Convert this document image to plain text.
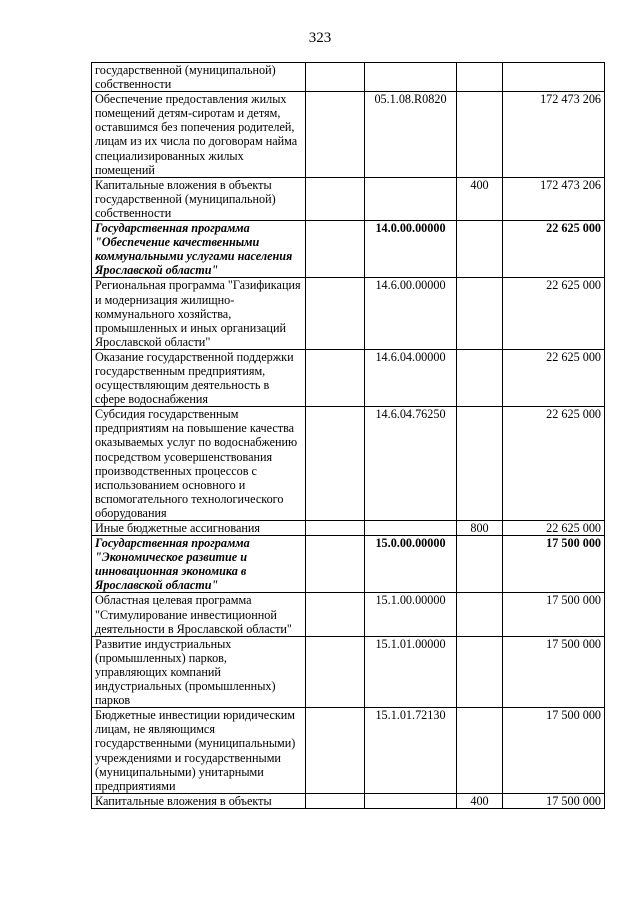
323
государственной (муниципальной) собственности				
Обеспечение предоставления жилых помещений детям-сиротам и детям, оставшимся без попечения родителей, лицам из их числа по договорам найма специализированных жилых помещений		05.1.08.R0820		172 473 206
Капитальные вложения в объекты государственной (муниципальной) собственности			400	172 473 206
Государственная программа "Обеспечение качественными коммунальными услугами населения Ярославской области"		14.0.00.00000		22 625 000
Региональная программа "Газификация и модернизация жилищно-коммунального хозяйства, промышленных и иных организаций Ярославской области"		14.6.00.00000		22 625 000
Оказание государственной поддержки государственным предприятиям, осуществляющим деятельность в сфере водоснабжения		14.6.04.00000		22 625 000
Субсидия государственным предприятиям на повышение качества оказываемых услуг по водоснабжению посредством усовершенствования производственных процессов с использованием основного и вспомогательного технологического оборудования		14.6.04.76250		22 625 000
Иные бюджетные ассигнования			800	22 625 000
Государственная программа "Экономическое развитие и инновационная экономика в Ярославской области"		15.0.00.00000		17 500 000
Областная целевая программа "Стимулирование инвестиционной деятельности в Ярославской области"		15.1.00.00000		17 500 000
Развитие индустриальных (промышленных) парков, управляющих компаний индустриальных (промышленных) парков		15.1.01.00000		17 500 000
Бюджетные инвестиции юридическим лицам, не являющимся государственными (муниципальными) учреждениями и государственными (муниципальными) унитарными предприятиями		15.1.01.72130		17 500 000
Капитальные вложения в объекты			400	17 500 000
